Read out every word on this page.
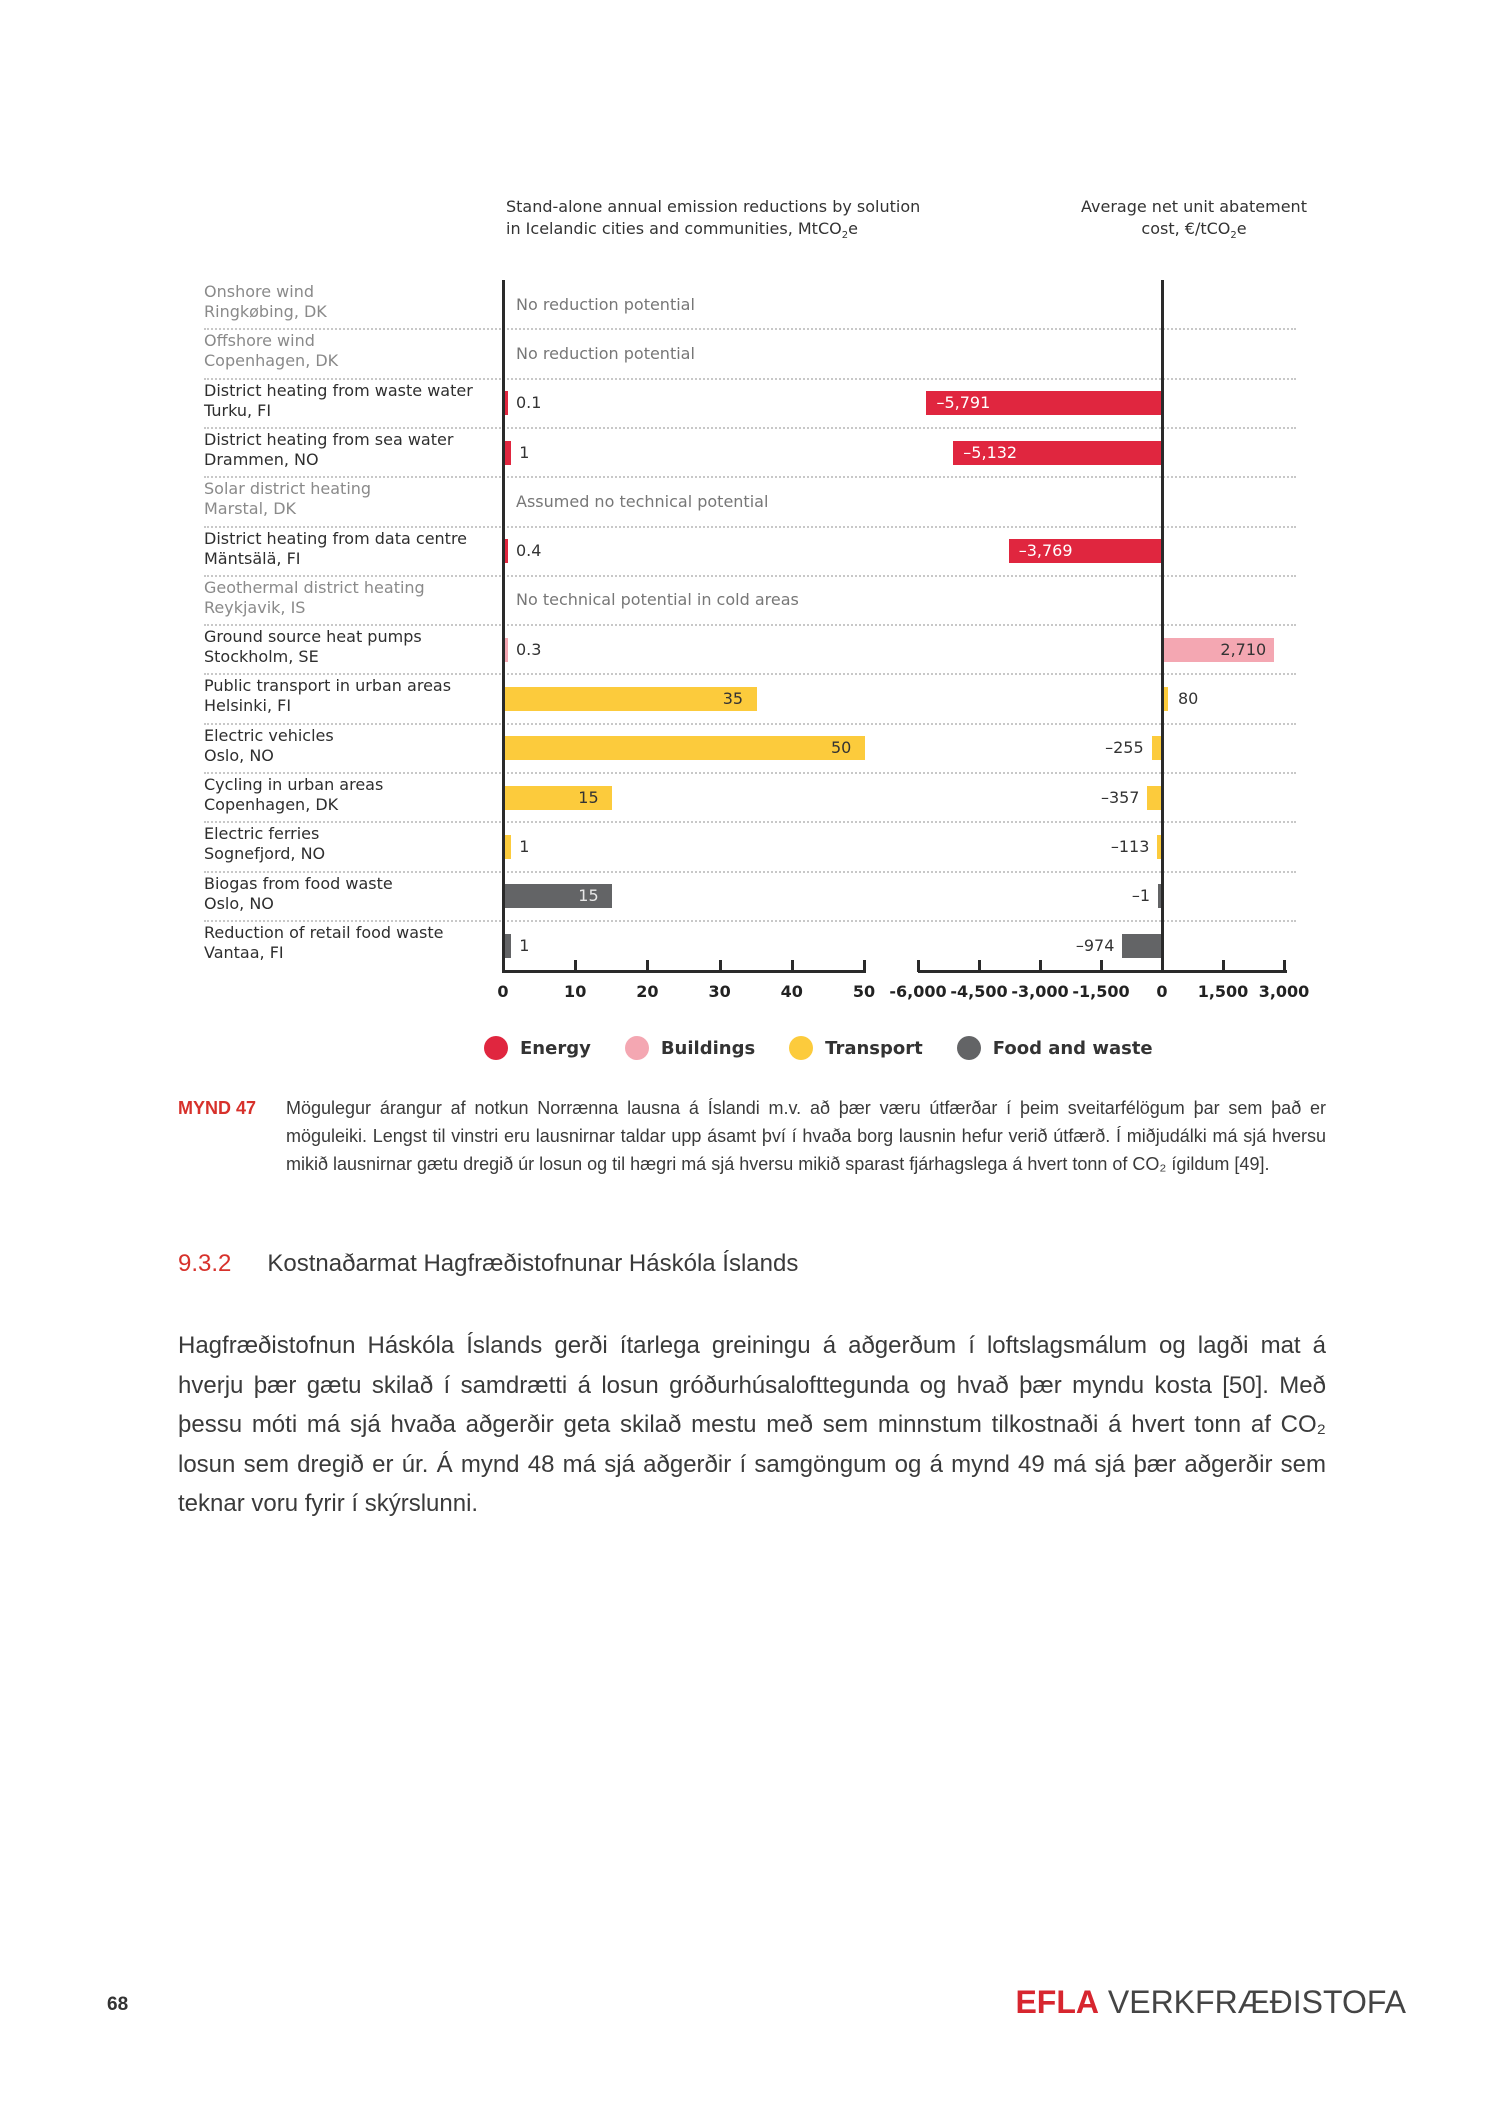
Stand-alone annual emission reductions by solution
in Icelandic cities and communities, MtCO$_2$e
Average net unit abatement
cost, €/tCO$_2$e
Onshore wind
Ringkøbing, DK	No reduction potential
Offshore wind
Copenhagen, DK	No reduction potential
District heating from waste water
Turku, FI	0.1	–5,791
District heating from sea water
Drammen, NO	1	–5,132
Solar district heating
Marstal, DK	Assumed no technical potential
District heating from data centre
Mäntsälä, FI	0.4	–3,769
Geothermal district heating
Reykjavik, IS	No technical potential in cold areas
Ground source heat pumps
Stockholm, SE	0.3	2,710
Public transport in urban areas
Helsinki, FI	35	80
Electric vehicles
Oslo, NO	50	–255
Cycling in urban areas
Copenhagen, DK	15	–357
Electric ferries
Sognefjord, NO	1	–113
Biogas from food waste
Oslo, NO	15	–1
Reduction of retail food waste
Vantaa, FI	1	–974
0	10	20	30	40	50 -6,000 -4,500 -3,000 -1,500 0 1,500 3,000
Energy	Buildings	Transport	Food and waste
MYND 47 Mögulegur árangur af notkun Norrænna lausna á Íslandi m.v. að þær væru útfærðar í þeim sveitarfélögum þar sem það er möguleiki. Lengst til vinstri eru lausnirnar taldar upp ásamt því í hvaða borg lausnin hefur verið útfærð. Í miðjudálki má sjá hversu mikið lausnirnar gætu dregið úr losun og til hægri má sjá hversu mikið sparast fjárhagslega á hvert tonn of CO₂ ígildum [49].
9.3.2 Kostnaðarmat Hagfræðistofnunar Háskóla Íslands
Hagfræðistofnun Háskóla Íslands gerði ítarlega greiningu á aðgerðum í loftslagsmálum og lagði mat á hverju þær gætu skilað í samdrætti á losun gróðurhúsalofttegunda og hvað þær myndu kosta [50]. Með þessu móti má sjá hvaða aðgerðir geta skilað mestu með sem minnstum tilkostnaði á hvert tonn af CO₂ losun sem dregið er úr. Á mynd 48 má sjá aðgerðir í samgöngum og á mynd 49 má sjá þær aðgerðir sem teknar voru fyrir í skýrslunni.
68	EFLA VERKFRÆÐISTOFA
